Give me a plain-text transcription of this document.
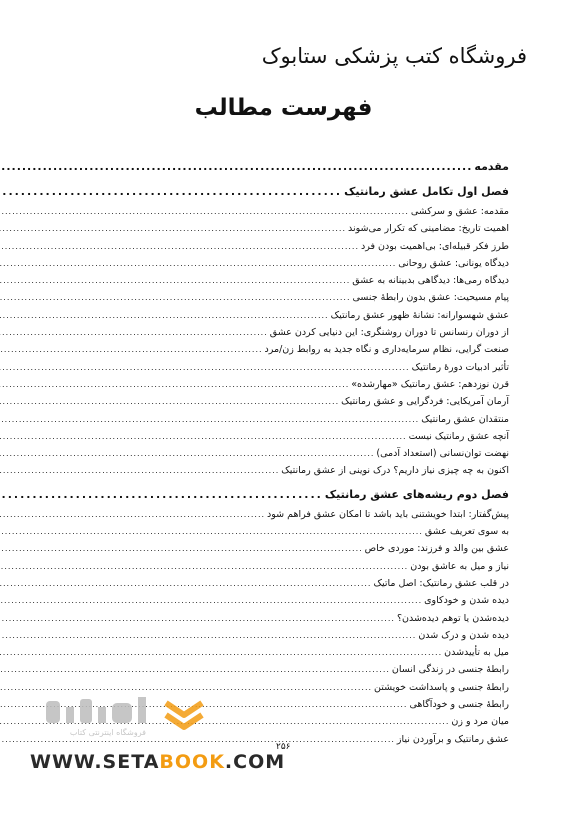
فروشگاه کتب پزشکی ستابوک
فهرست مطالب
مقدمه
.....
فصل اول تکامل عشق رمانتیک
.....
مقدمه: عشق و سرکشی
.....
اهمیت تاریخ: مضامینی که تکرار می‌شوند
.....
طرز فکر قبیله‌ای: بی‌اهمیت بودن فرد
.....
دیدگاه یونانی: عشق روحانی
.....
دیدگاه رمی‌ها: دیدگاهی بدبینانه به عشق
.....
پیام مسیحیت: عشق بدون رابطهٔ جنسی
.....
عشق شهسوارانه: نشانهٔ ظهور عشق رمانتیک
.....
از دوران رنسانس تا دوران روشنگری: این دنیایی کردن عشق
.....
صنعت گرایی، نظام سرمایه‌داری و نگاه جدید به روابط زن/مرد
.....
تأثیر ادبیات دورهٔ رمانتیک
.....
قرن نوزدهم: عشق رمانتیک «مهارشده»
.....
آرمان آمریکایی: فردگرایی و عشق رمانتیک
.....
منتقدان عشق رمانتیک
.....
آنچه عشق رمانتیک نیست
.....
نهضت توان‌نسانی (استعداد آدمی)
.....
اکنون به چه چیزی نیاز داریم؟ درک نوینی از عشق رمانتیک
.....
فصل دوم ریشه‌های عشق رمانتیک
.....
پیش‌گفتار: ابتدا خویشتنی باید باشد تا امکان عشق فراهم شود
.....
به سوی تعریف عشق
.....
عشق بین والد و فرزند: موردی خاص
.....
نیاز و میل به عاشق بودن
.....
در قلب عشق رمانتیک: اصل ماتیک
.....
دیده شدن و خودکاوی
.....
دیده‌شدن یا توهم دیده‌شدن؟
.....
دیده شدن و درک شدن
.....
میل به تأییدشدن
.....
رابطهٔ جنسی در زندگی انسان
.....
رابطهٔ جنسی و پاسداشت خویشتن
.....
رابطهٔ جنسی و خودآگاهی
.....
میان مرد و زن
.....
عشق رمانتیک و برآوردن نیاز
.....
۲۵۶
فروشگاه اینترنتی کتاب
WWW.SETABOOK.COM
